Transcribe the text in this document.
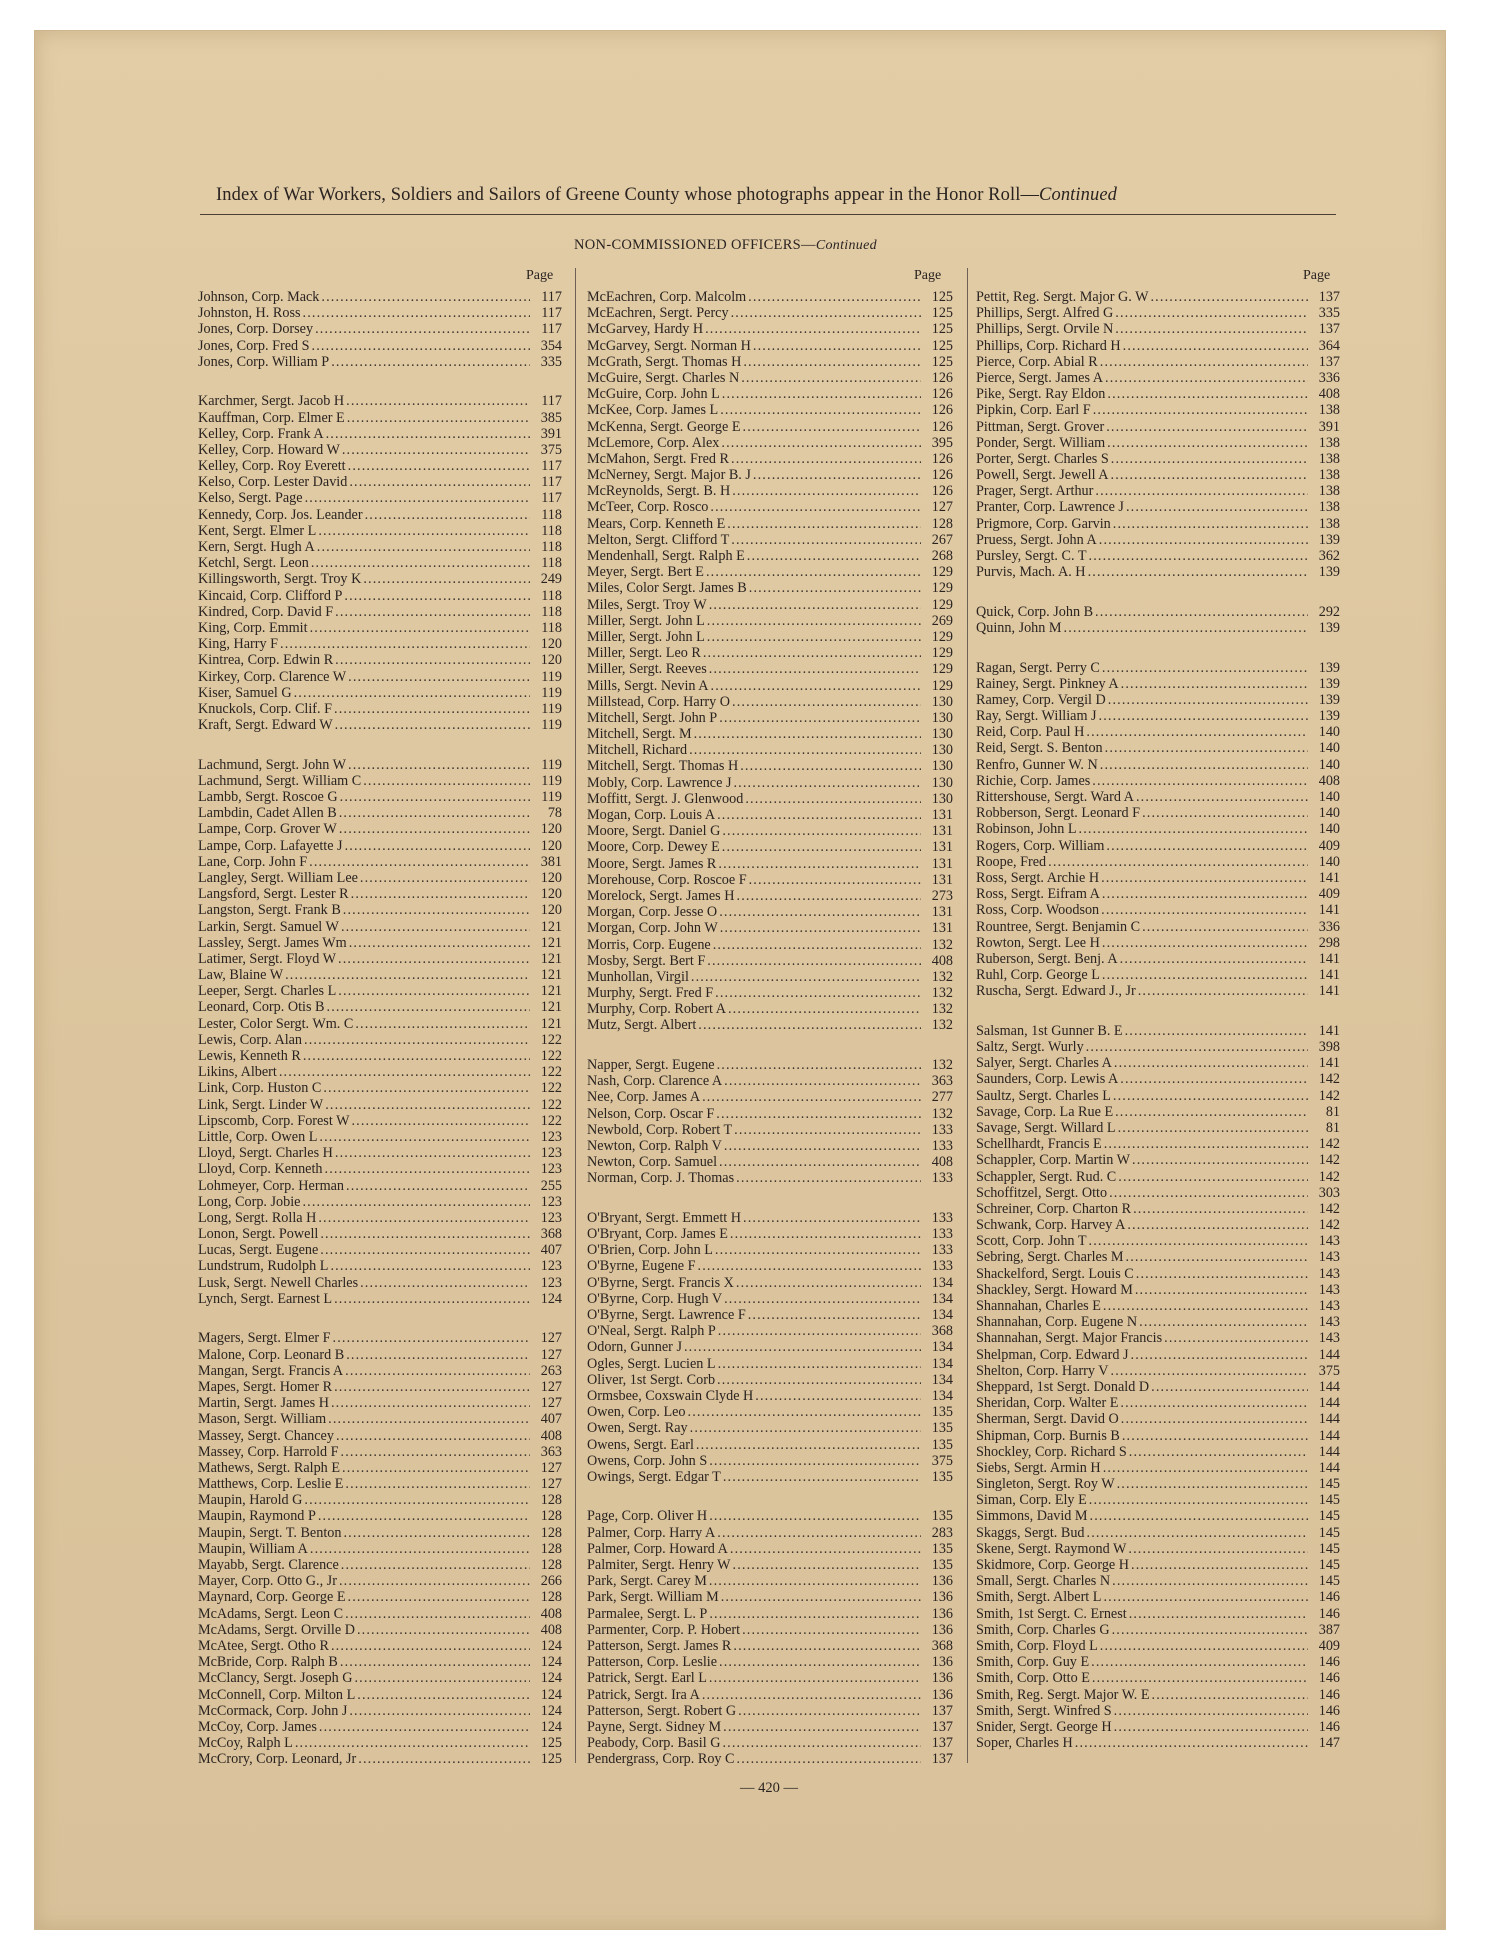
Index of War Workers, Soldiers and Sailors of Greene County whose photographs appear in the Honor Roll—Continued
NON-COMMISSIONED OFFICERS—Continued
Page	Page	Page
Johnson, Corp. Mack . . .	117
Johnston, H. Ross . . .	117
Jones, Corp. Dorsey . . .	117
Jones, Corp. Fred S . . .	354
Jones, Corp. William P . . .	335
Karchmer, Sergt. Jacob H . . .	117
Kauffman, Corp. Elmer E . . .	385
Kelley, Corp. Frank A . . .	391
Kelley, Corp. Howard W . . .	375
Kelley, Corp. Roy Everett . . .	117
Kelso, Corp. Lester David . . .	117
Kelso, Sergt. Page . . .	117
Kennedy, Corp. Jos. Leander . . .	118
Kent, Sergt. Elmer L . . .	118
Kern, Sergt. Hugh A . . .	118
Ketchl, Sergt. Leon . . .	118
Killingsworth, Sergt. Troy K . . .	249
Kincaid, Corp. Clifford P . . .	118
Kindred, Corp. David F . . .	118
King, Corp. Emmit . . .	118
King, Harry F . . .	120
Kintrea, Corp. Edwin R . . .	120
Kirkey, Corp. Clarence W . . .	119
Kiser, Samuel G . . .	119
Knuckols, Corp. Clif. F . . .	119
Kraft, Sergt. Edward W . . .	119
Lachmund, Sergt. John W . . .	119
Lachmund, Sergt. William C . . .	119
Lambb, Sergt. Roscoe G . . .	119
Lambdin, Cadet Allen B . . .	78
Lampe, Corp. Grover W . . .	120
Lampe, Corp. Lafayette J . . .	120
Lane, Corp. John F . . .	381
Langley, Sergt. William Lee . . .	120
Langsford, Sergt. Lester R . . .	120
Langston, Sergt. Frank B . . .	120
Larkin, Sergt. Samuel W . . .	121
Lassley, Sergt. James Wm . . .	121
Latimer, Sergt. Floyd W . . .	121
Law, Blaine W . . .	121
Leeper, Sergt. Charles L . . .	121
Leonard, Corp. Otis B . . .	121
Lester, Color Sergt. Wm. C . . .	121
Lewis, Corp. Alan . . .	122
Lewis, Kenneth R . . .	122
Likins, Albert . . .	122
Link, Corp. Huston C . . .	122
Link, Sergt. Linder W . . .	122
Lipscomb, Corp. Forest W . . .	122
Little, Corp. Owen L . . .	123
Lloyd, Sergt. Charles H . . .	123
Lloyd, Corp. Kenneth . . .	123
Lohmeyer, Corp. Herman . . .	255
Long, Corp. Jobie . . .	123
Long, Sergt. Rolla H . . .	123
Lonon, Sergt. Powell . . .	368
Lucas, Sergt. Eugene . . .	407
Lundstrum, Rudolph L . . .	123
Lusk, Sergt. Newell Charles . . .	123
Lynch, Sergt. Earnest L . . .	124
Magers, Sergt. Elmer F . . .	127
Malone, Corp. Leonard B . . .	127
Mangan, Sergt. Francis A . . .	263
Mapes, Sergt. Homer R . . .	127
Martin, Sergt. James H . . .	127
Mason, Sergt. William . . .	407
Massey, Sergt. Chancey . . .	408
Massey, Corp. Harrold F . . .	363
Mathews, Sergt. Ralph E . . .	127
Matthews, Corp. Leslie E . . .	127
Maupin, Harold G . . .	128
Maupin, Raymond P . . .	128
Maupin, Sergt. T. Benton . . .	128
Maupin, William A . . .	128
Mayabb, Sergt. Clarence . . .	128
Mayer, Corp. Otto G., Jr . . .	266
Maynard, Corp. George E . . .	128
McAdams, Sergt. Leon C . . .	408
McAdams, Sergt. Orville D . . .	408
McAtee, Sergt. Otho R . . .	124
McBride, Corp. Ralph B . . .	124
McClancy, Sergt. Joseph G . . .	124
McConnell, Corp. Milton L . . .	124
McCormack, Corp. John J . . .	124
McCoy, Corp. James . . .	124
McCoy, Ralph L . . .	125
McCrory, Corp. Leonard, Jr . . .	125
McEachren, Corp. Malcolm . . .	125
McEachren, Sergt. Percy . . .	125
McGarvey, Hardy H . . .	125
McGarvey, Sergt. Norman H . . .	125
McGrath, Sergt. Thomas H . . .	125
McGuire, Sergt. Charles N . . .	126
McGuire, Corp. John L . . .	126
McKee, Corp. James L . . .	126
McKenna, Sergt. George E . . .	126
McLemore, Corp. Alex . . .	395
McMahon, Sergt. Fred R . . .	126
McNerney, Sergt. Major B. J . . .	126
McReynolds, Sergt. B. H . . .	126
McTeer, Corp. Rosco . . .	127
Mears, Corp. Kenneth E . . .	128
Melton, Sergt. Clifford T . . .	267
Mendenhall, Sergt. Ralph E . . .	268
Meyer, Sergt. Bert E . . .	129
Miles, Color Sergt. James B . . .	129
Miles, Sergt. Troy W . . .	129
Miller, Sergt. John L . . .	269
Miller, Sergt. John L . . .	129
Miller, Sergt. Leo R . . .	129
Miller, Sergt. Reeves . . .	129
Mills, Sergt. Nevin A . . .	129
Millstead, Corp. Harry O . . .	130
Mitchell, Sergt. John P . . .	130
Mitchell, Sergt. M . . .	130
Mitchell, Richard . . .	130
Mitchell, Sergt. Thomas H . . .	130
Mobly, Corp. Lawrence J . . .	130
Moffitt, Sergt. J. Glenwood . . .	130
Mogan, Corp. Louis A . . .	131
Moore, Sergt. Daniel G . . .	131
Moore, Corp. Dewey E . . .	131
Moore, Sergt. James R . . .	131
Morehouse, Corp. Roscoe F . . .	131
Morelock, Sergt. James H . . .	273
Morgan, Corp. Jesse O . . .	131
Morgan, Corp. John W . . .	131
Morris, Corp. Eugene . . .	132
Mosby, Sergt. Bert F . . .	408
Munhollan, Virgil . . .	132
Murphy, Sergt. Fred F . . .	132
Murphy, Corp. Robert A . . .	132
Mutz, Sergt. Albert . . .	132
Napper, Sergt. Eugene . . .	132
Nash, Corp. Clarence A . . .	363
Nee, Corp. James A . . .	277
Nelson, Corp. Oscar F . . .	132
Newbold, Corp. Robert T . . .	133
Newton, Corp. Ralph V . . .	133
Newton, Corp. Samuel . . .	408
Norman, Corp. J. Thomas . . .	133
O'Bryant, Sergt. Emmett H . . .	133
O'Bryant, Corp. James E . . .	133
O'Brien, Corp. John L . . .	133
O'Byrne, Eugene F . . .	133
O'Byrne, Sergt. Francis X . . .	134
O'Byrne, Corp. Hugh V . . .	134
O'Byrne, Sergt. Lawrence F . . .	134
O'Neal, Sergt. Ralph P . . .	368
Odorn, Gunner J . . .	134
Ogles, Sergt. Lucien L . . .	134
Oliver, 1st Sergt. Corb . . .	134
Ormsbee, Coxswain Clyde H . . .	134
Owen, Corp. Leo . . .	135
Owen, Sergt. Ray . . .	135
Owens, Sergt. Earl . . .	135
Owens, Corp. John S . . .	375
Owings, Sergt. Edgar T . . .	135
Page, Corp. Oliver H . . .	135
Palmer, Corp. Harry A . . .	283
Palmer, Corp. Howard A . . .	135
Palmiter, Sergt. Henry W . . .	135
Park, Sergt. Carey M . . .	136
Park, Sergt. William M . . .	136
Parmalee, Sergt. L. P . . .	136
Parmenter, Corp. P. Hobert . . .	136
Patterson, Sergt. James R . . .	368
Patterson, Corp. Leslie . . .	136
Patrick, Sergt. Earl L . . .	136
Patrick, Sergt. Ira A . . .	136
Patterson, Sergt. Robert G . . .	137
Payne, Sergt. Sidney M . . .	137
Peabody, Corp. Basil G . . .	137
Pendergrass, Corp. Roy C . . .	137
Pettit, Reg. Sergt. Major G. W . . .	137
Phillips, Sergt. Alfred G . . .	335
Phillips, Sergt. Orvile N . . .	137
Phillips, Corp. Richard H . . .	364
Pierce, Corp. Abial R . . .	137
Pierce, Sergt. James A . . .	336
Pike, Sergt. Ray Eldon . . .	408
Pipkin, Corp. Earl F . . .	138
Pittman, Sergt. Grover . . .	391
Ponder, Sergt. William . . .	138
Porter, Sergt. Charles S . . .	138
Powell, Sergt. Jewell A . . .	138
Prager, Sergt. Arthur . . .	138
Pranter, Corp. Lawrence J . . .	138
Prigmore, Corp. Garvin . . .	138
Pruess, Sergt. John A . . .	139
Pursley, Sergt. C. T . . .	362
Purvis, Mach. A. H . . .	139
Quick, Corp. John B . . .	292
Quinn, John M . . .	139
Ragan, Sergt. Perry C . . .	139
Rainey, Sergt. Pinkney A . . .	139
Ramey, Corp. Vergil D . . .	139
Ray, Sergt. William J . . .	139
Reid, Corp. Paul H . . .	140
Reid, Sergt. S. Benton . . .	140
Renfro, Gunner W. N . . .	140
Richie, Corp. James . . .	408
Rittershouse, Sergt. Ward A . . .	140
Robberson, Sergt. Leonard F . . .	140
Robinson, John L . . .	140
Rogers, Corp. William . . .	409
Roope, Fred . . .	140
Ross, Sergt. Archie H . . .	141
Ross, Sergt. Eifram A . . .	409
Ross, Corp. Woodson . . .	141
Rountree, Sergt. Benjamin C . . .	336
Rowton, Sergt. Lee H . . .	298
Ruberson, Sergt. Benj. A . . .	141
Ruhl, Corp. George L . . .	141
Ruscha, Sergt. Edward J., Jr . . .	141
Salsman, 1st Gunner B. E . . .	141
Saltz, Sergt. Wurly . . .	398
Salyer, Sergt. Charles A . . .	141
Saunders, Corp. Lewis A . . .	142
Saultz, Sergt. Charles L . . .	142
Savage, Corp. La Rue E . . .	81
Savage, Sergt. Willard L . . .	81
Schellhardt, Francis E . . .	142
Schappler, Corp. Martin W . . .	142
Schappler, Sergt. Rud. C . . .	142
Schoffitzel, Sergt. Otto . . .	303
Schreiner, Corp. Charton R . . .	142
Schwank, Corp. Harvey A . . .	142
Scott, Corp. John T . . .	143
Sebring, Sergt. Charles M . . .	143
Shackelford, Sergt. Louis C . . .	143
Shackley, Sergt. Howard M . . .	143
Shannahan, Charles E . . .	143
Shannahan, Corp. Eugene N . . .	143
Shannahan, Sergt. Major Francis . . .	143
Shelpman, Corp. Edward J . . .	144
Shelton, Corp. Harry V . . .	375
Sheppard, 1st Sergt. Donald D . . .	144
Sheridan, Corp. Walter E . . .	144
Sherman, Sergt. David O . . .	144
Shipman, Corp. Burnis B . . .	144
Shockley, Corp. Richard S . . .	144
Siebs, Sergt. Armin H . . .	144
Singleton, Sergt. Roy W . . .	145
Siman, Corp. Ely E . . .	145
Simmons, David M . . .	145
Skaggs, Sergt. Bud . . .	145
Skene, Sergt. Raymond W . . .	145
Skidmore, Corp. George H . . .	145
Small, Sergt. Charles N . . .	145
Smith, Sergt. Albert L . . .	146
Smith, 1st Sergt. C. Ernest . . .	146
Smith, Corp. Charles G . . .	387
Smith, Corp. Floyd L . . .	409
Smith, Corp. Guy E . . .	146
Smith, Corp. Otto E . . .	146
Smith, Reg. Sergt. Major W. E . . .	146
Smith, Sergt. Winfred S . . .	146
Snider, Sergt. George H . . .	146
Soper, Charles H . . .	147
— 420 —
